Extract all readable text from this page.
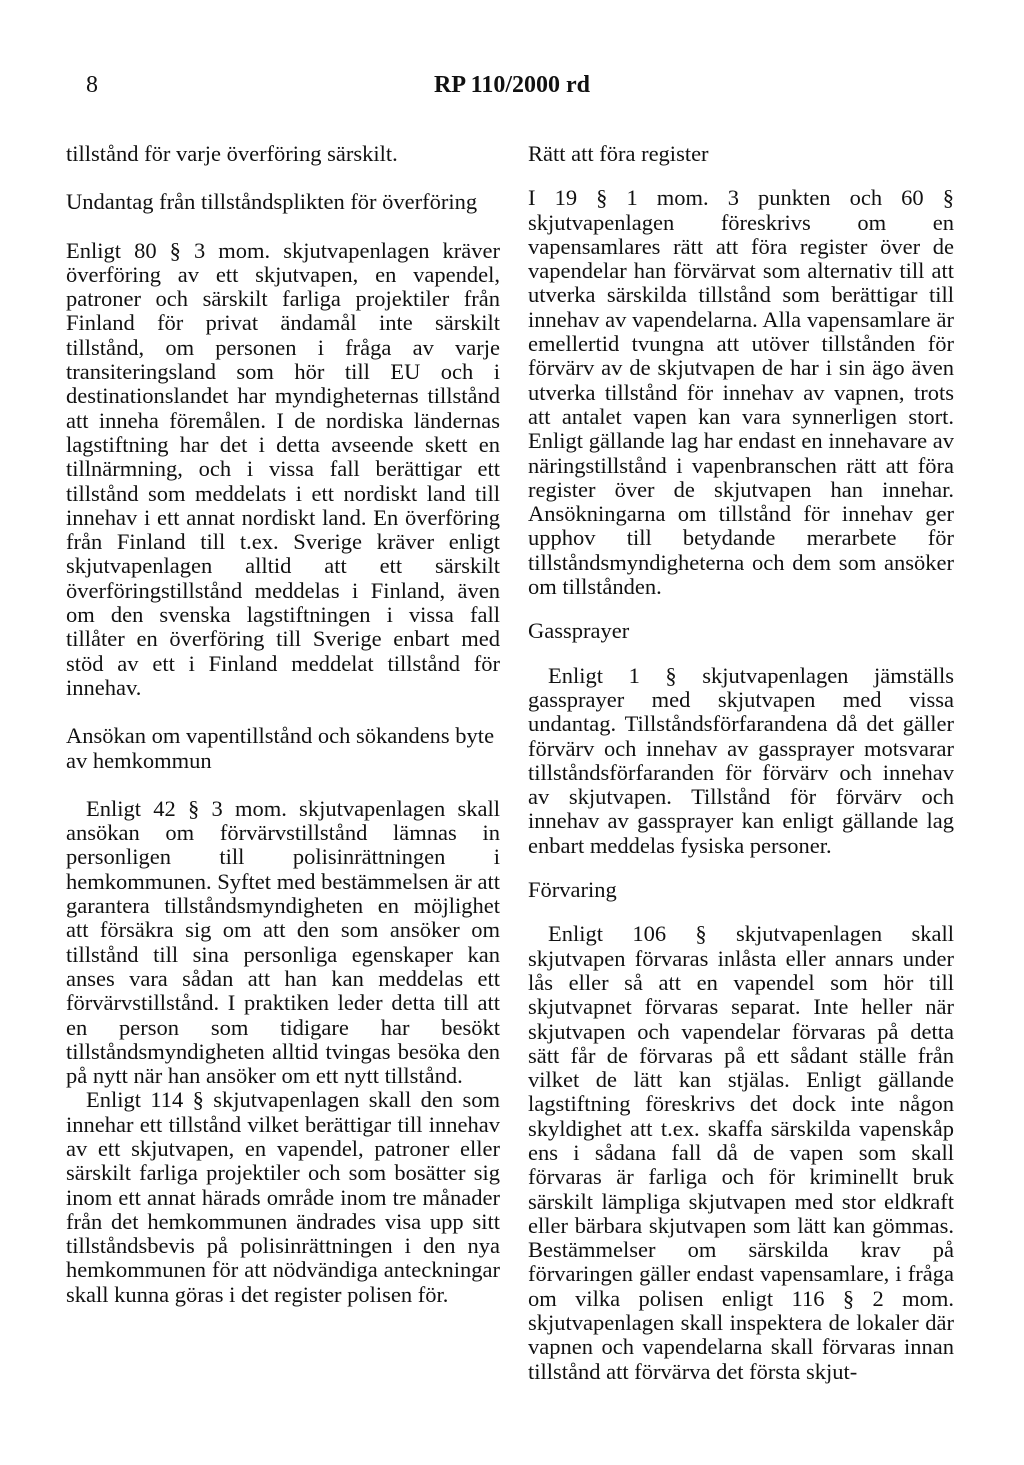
8	RP 110/2000 rd

tillstånd för varje överföring särskilt.

Undantag från tillståndsplikten för överföring

Enligt 80 § 3 mom. skjutvapenlagen kräver överföring av ett skjutvapen, en vapendel, patroner och särskilt farliga projektiler från Finland för privat ändamål inte särskilt tillstånd, om personen i fråga av varje transiteringsland som hör till EU och i destinationslandet har myndigheternas tillstånd att inneha föremålen. I de nordiska ländernas lagstiftning har det i detta avseende skett en tillnärmning, och i vissa fall berättigar ett tillstånd som meddelats i ett nordiskt land till innehav i ett annat nordiskt land. En överföring från Finland till t.ex. Sverige kräver enligt skjutvapenlagen alltid att ett särskilt överföringstillstånd meddelas i Finland, även om den svenska lagstiftningen i vissa fall tillåter en överföring till Sverige enbart med stöd av ett i Finland meddelat tillstånd för innehav.

Ansökan om vapentillstånd och sökandens byte av hemkommun

Enligt 42 § 3 mom. skjutvapenlagen skall ansökan om förvärvstillstånd lämnas in personligen till polisinrättningen i hemkommunen. Syftet med bestämmelsen är att garantera tillståndsmyndigheten en möjlighet att försäkra sig om att den som ansöker om tillstånd till sina personliga egenskaper kan anses vara sådan att han kan meddelas ett förvärvstillstånd. I praktiken leder detta till att en person som tidigare har besökt tillståndsmyndigheten alltid tvingas besöka den på nytt när han ansöker om ett nytt tillstånd.

Enligt 114 § skjutvapenlagen skall den som innehar ett tillstånd vilket berättigar till innehav av ett skjutvapen, en vapendel, patroner eller särskilt farliga projektiler och som bosätter sig inom ett annat härads område inom tre månader från det hemkommunen ändrades visa upp sitt tillståndsbevis på polisinrättningen i den nya hemkommunen för att nödvändiga anteckningar skall kunna göras i det register polisen för.

Rätt att föra register

I 19 § 1 mom. 3 punkten och 60 § skjutvapenlagen föreskrivs om en vapensamlares rätt att föra register över de vapendelar han förvärvat som alternativ till att utverka särskilda tillstånd som berättigar till innehav av vapendelarna. Alla vapensamlare är emellertid tvungna att utöver tillstånden för förvärv av de skjutvapen de har i sin ägo även utverka tillstånd för innehav av vapnen, trots att antalet vapen kan vara synnerligen stort. Enligt gällande lag har endast en innehavare av näringstillstånd i vapenbranschen rätt att föra register över de skjutvapen han innehar. Ansökningarna om tillstånd för innehav ger upphov till betydande merarbete för tillståndsmyndigheterna och dem som ansöker om tillstånden.

Gassprayer

Enligt 1 § skjutvapenlagen jämställs gassprayer med skjutvapen med vissa undantag. Tillståndsförfarandena då det gäller förvärv och innehav av gassprayer motsvarar tillståndsförfaranden för förvärv och innehav av skjutvapen. Tillstånd för förvärv och innehav av gassprayer kan enligt gällande lag enbart meddelas fysiska personer.

Förvaring

Enligt 106 § skjutvapenlagen skall skjutvapen förvaras inlåsta eller annars under lås eller så att en vapendel som hör till skjutvapnet förvaras separat. Inte heller när skjutvapen och vapendelar förvaras på detta sätt får de förvaras på ett sådant ställe från vilket de lätt kan stjälas. Enligt gällande lagstiftning föreskrivs det dock inte någon skyldighet att t.ex. skaffa särskilda vapenskåp ens i sådana fall då de vapen som skall förvaras är farliga och för kriminellt bruk särskilt lämpliga skjutvapen med stor eldkraft eller bärbara skjutvapen som lätt kan gömmas. Bestämmelser om särskilda krav på förvaringen gäller endast vapensamlare, i fråga om vilka polisen enligt 116 § 2 mom. skjutvapenlagen skall inspektera de lokaler där vapnen och vapendelarna skall förvaras innan tillstånd att förvärva det första skjut-
